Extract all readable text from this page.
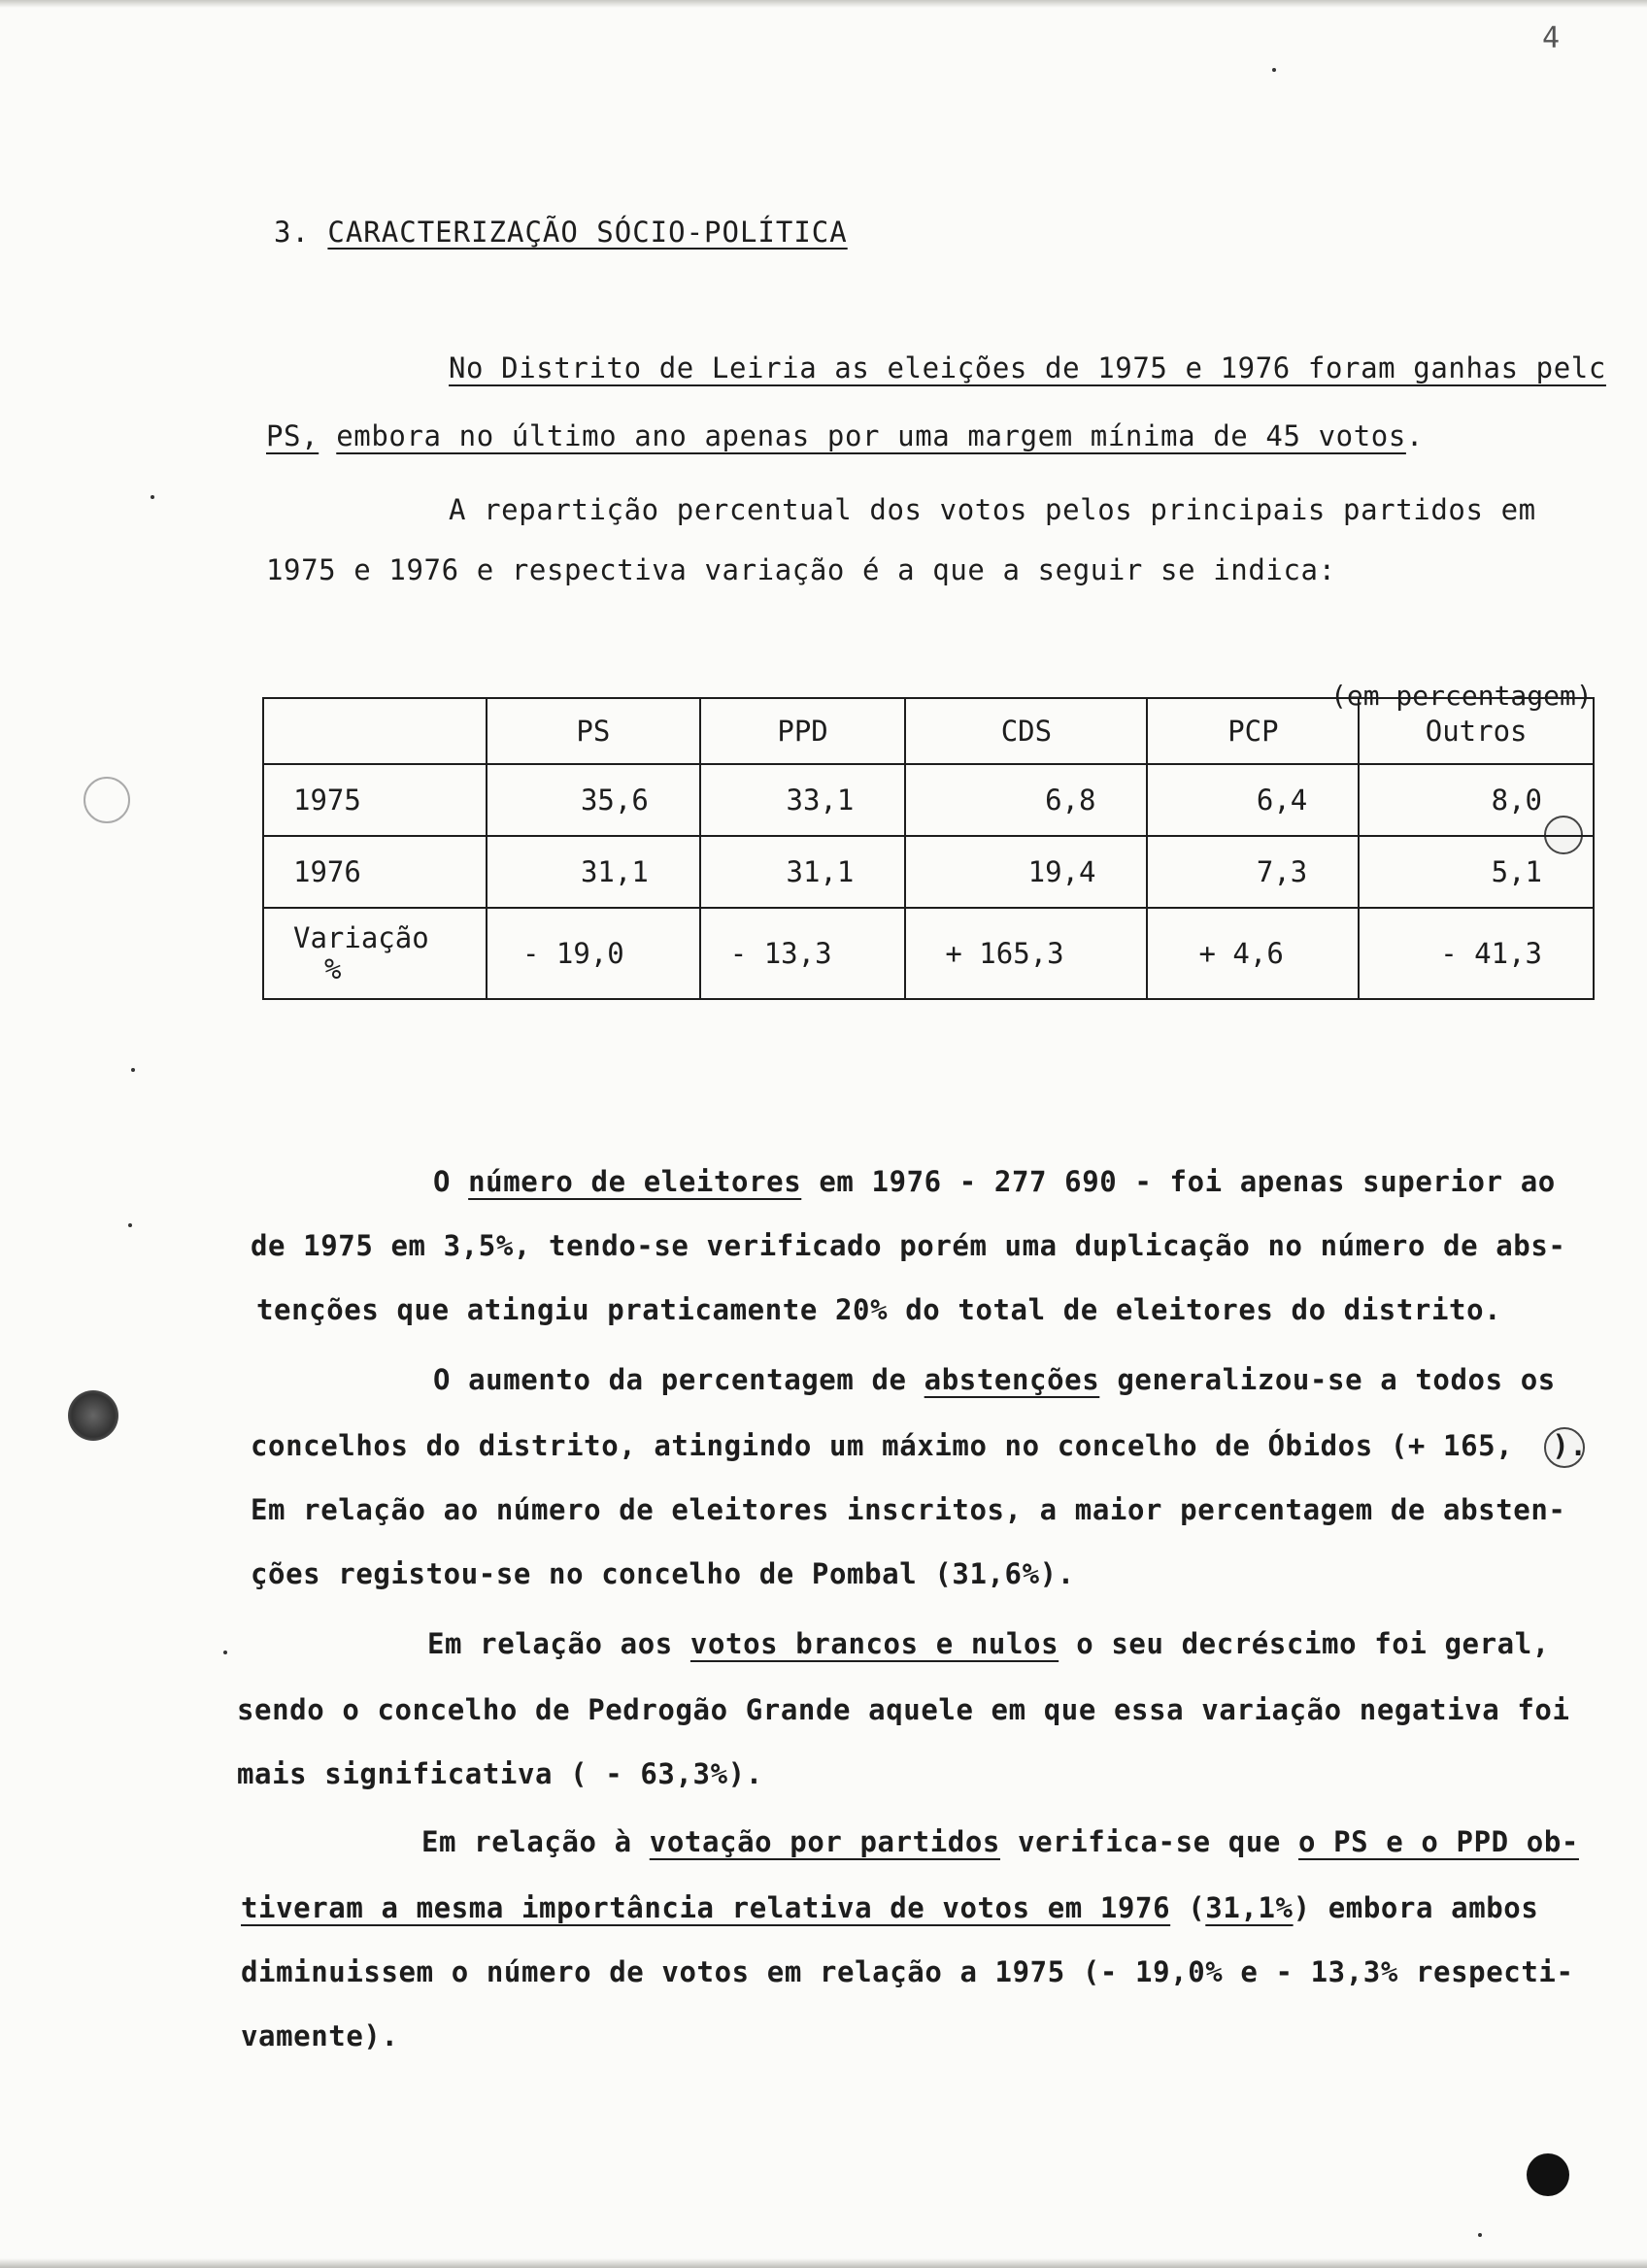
4
3. CARACTERIZAÇÃO SÓCIO-POLÍTICA
No Distrito de Leiria as eleições de 1975 e 1976 foram ganhas pelc
PS, embora no último ano apenas por uma margem mínima de 45 votos.
A repartição percentual dos votos pelos principais partidos em
1975 e 1976 e respectiva variação é a que a seguir se indica:
(em percentagem)
	PS	PPD	CDS	PCP	Outros
1975	35,6	33,1	6,8	6,4	8,0
1976	31,1	31,1	19,4	7,3	5,1

Variação
%	- 19,0	- 13,3	+ 165,3	+ 4,6	- 41,3
O número de eleitores em 1976 - 277 690 - foi apenas superior ao
de 1975 em 3,5%, tendo-se verificado porém uma duplicação no número de abs-
tenções que atingiu praticamente 20% do total de eleitores do distrito.
O aumento da percentagem de abstenções generalizou-se a todos os
concelhos do distrito, atingindo um máximo no concelho de Óbidos (+ 165, ).
Em relação ao número de eleitores inscritos, a maior percentagem de absten-
ções registou-se no concelho de Pombal (31,6%).
Em relação aos votos brancos e nulos o seu decréscimo foi geral,
sendo o concelho de Pedrogão Grande aquele em que essa variação negativa foi
mais significativa ( - 63,3%).
Em relação à votação por partidos verifica-se que o PS e o PPD ob-
tiveram a mesma importância relativa de votos em 1976 (31,1%) embora ambos
diminuissem o número de votos em relação a 1975 (- 19,0% e - 13,3% respecti-
vamente).
